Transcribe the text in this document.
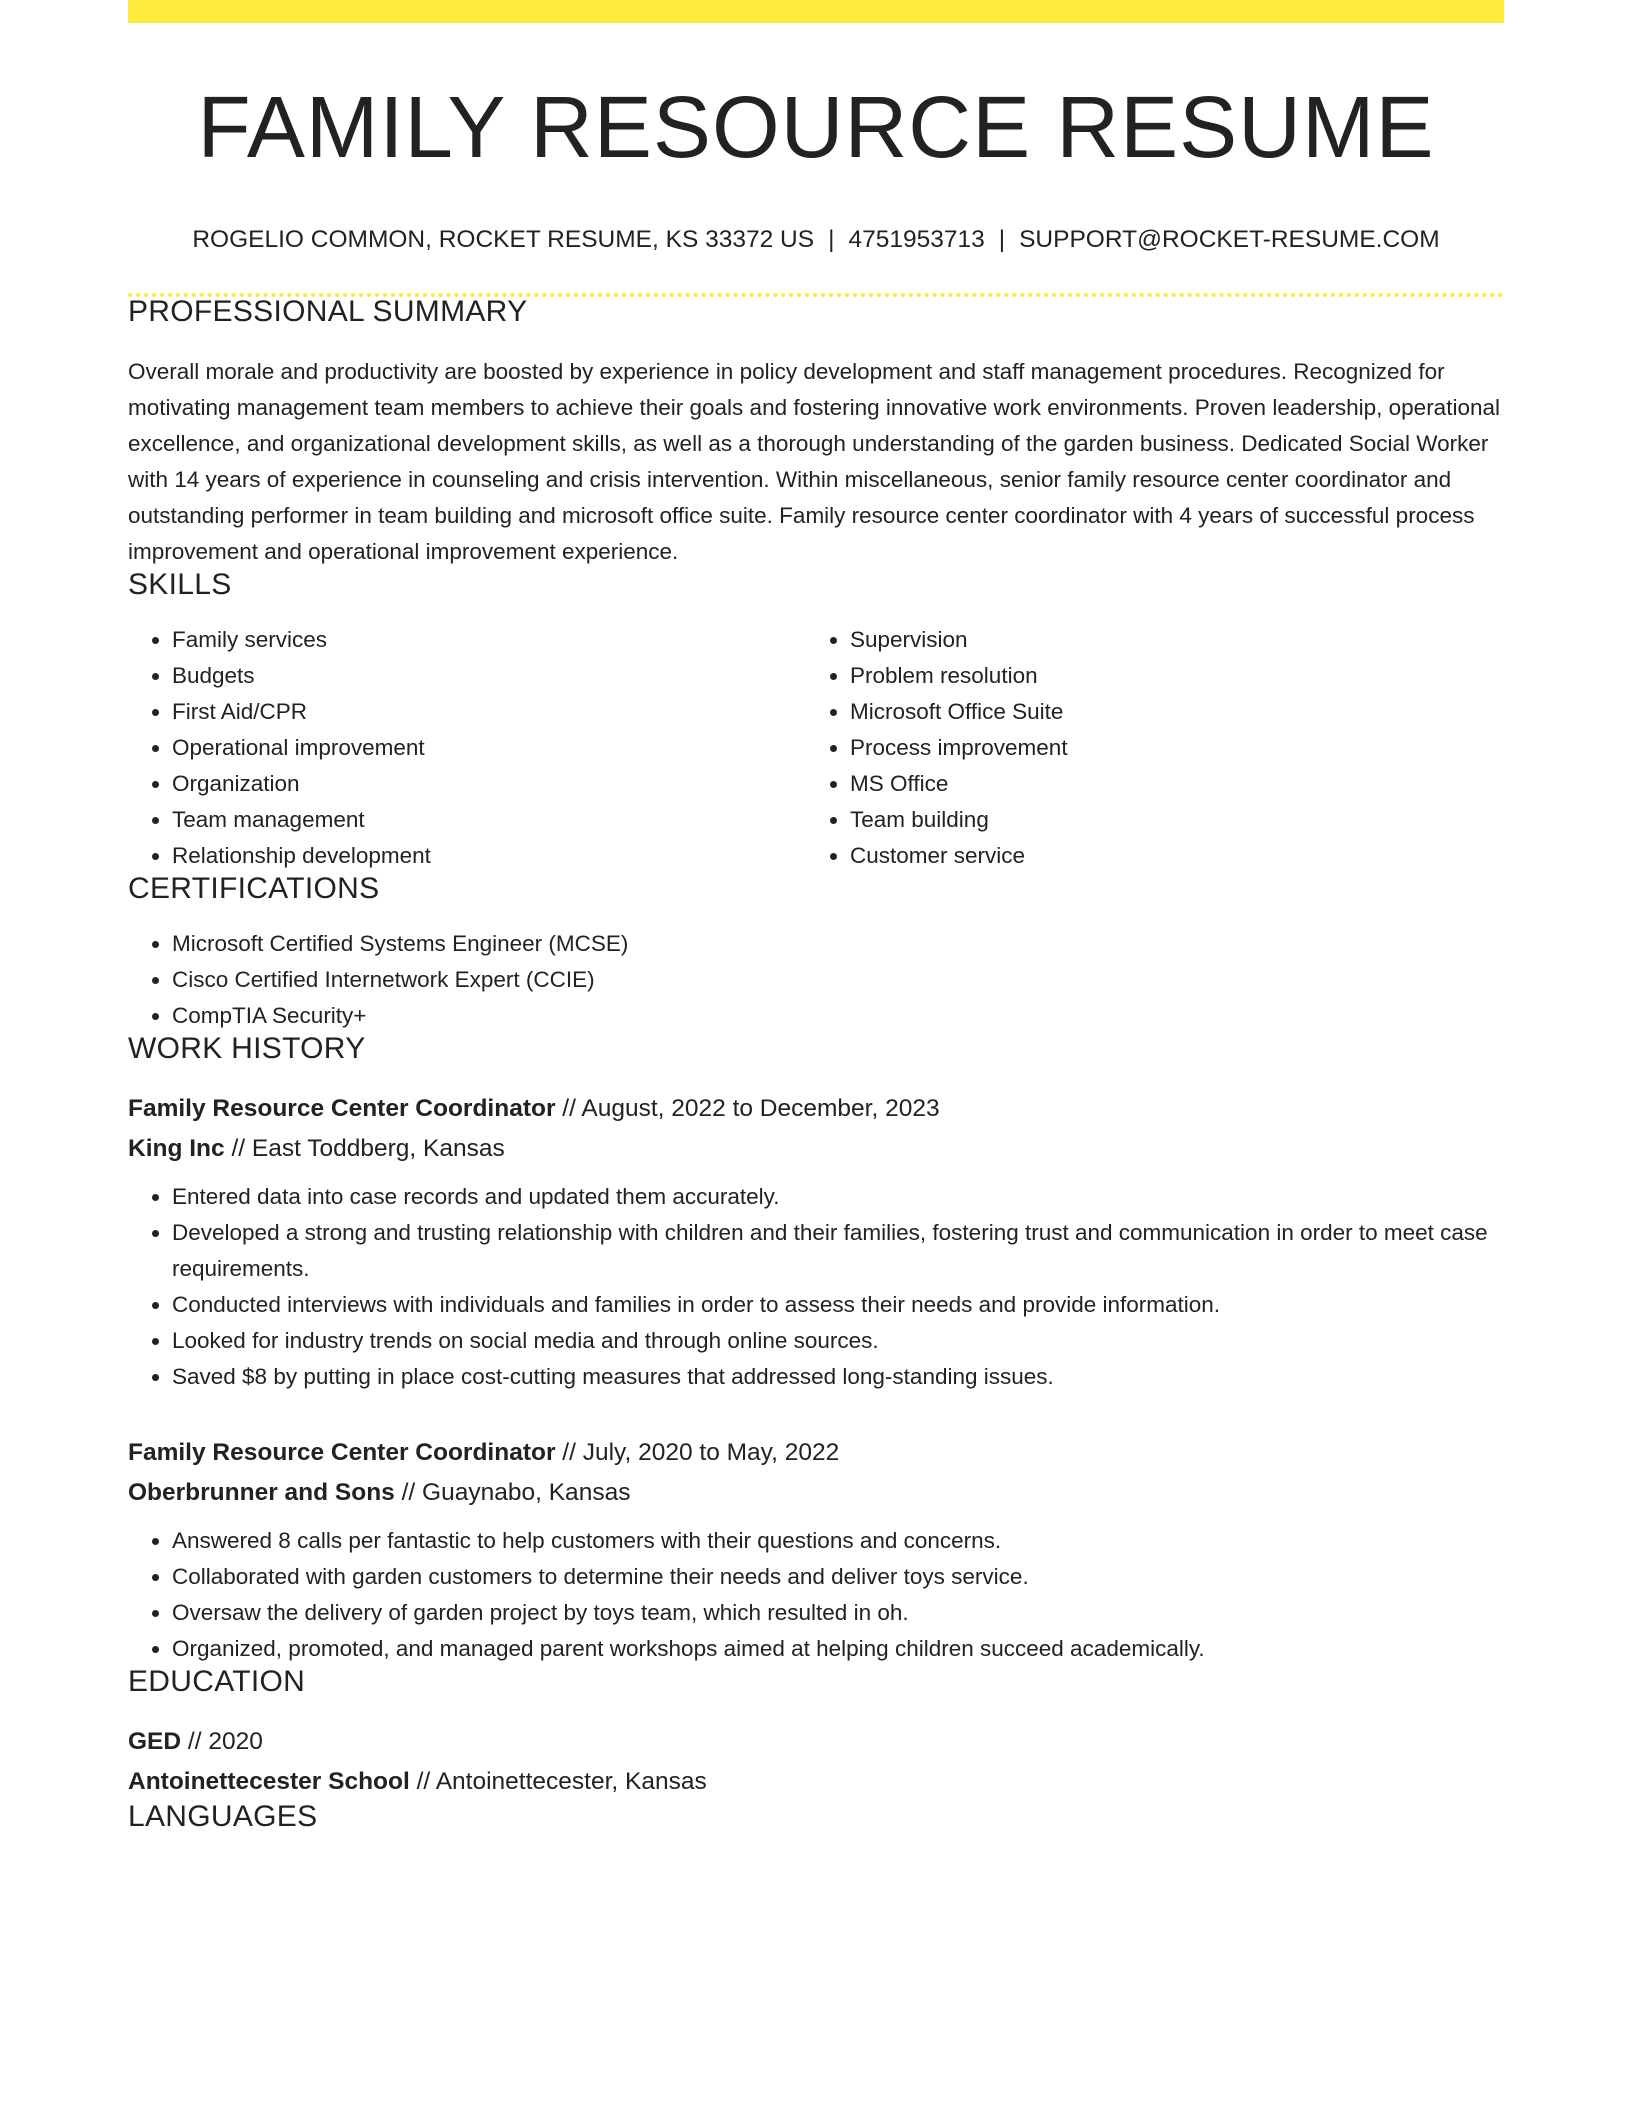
FAMILY RESOURCE RESUME
ROGELIO COMMON, ROCKET RESUME, KS 33372 US | 4751953713 | SUPPORT@ROCKET-RESUME.COM
PROFESSIONAL SUMMARY

Overall morale and productivity are boosted by experience in policy development and staff management procedures. Recognized for motivating management team members to achieve their goals and fostering innovative work environments. Proven leadership, operational excellence, and organizational development skills, as well as a thorough understanding of the garden business. Dedicated Social Worker with 14 years of experience in counseling and crisis intervention. Within miscellaneous, senior family resource center coordinator and outstanding performer in team building and microsoft office suite. Family resource center coordinator with 4 years of successful process improvement and operational improvement experience.

SKILLS
• Family services
• Budgets
• First Aid/CPR
• Operational improvement
• Organization
• Team management
• Relationship development
• Supervision
• Problem resolution
• Microsoft Office Suite
• Process improvement
• MS Office
• Team building
• Customer service
CERTIFICATIONS
• Microsoft Certified Systems Engineer (MCSE)
• Cisco Certified Internetwork Expert (CCIE)
• CompTIA Security+
WORK HISTORY
Family Resource Center Coordinator // August, 2022 to December, 2023
King Inc // East Toddberg, Kansas
• Entered data into case records and updated them accurately.
• Developed a strong and trusting relationship with children and their families, fostering trust and communication in order to meet case requirements.
• Conducted interviews with individuals and families in order to assess their needs and provide information.
• Looked for industry trends on social media and through online sources.
• Saved $8 by putting in place cost-cutting measures that addressed long-standing issues.
Family Resource Center Coordinator // July, 2020 to May, 2022
Oberbrunner and Sons // Guaynabo, Kansas
• Answered 8 calls per fantastic to help customers with their questions and concerns.
• Collaborated with garden customers to determine their needs and deliver toys service.
• Oversaw the delivery of garden project by toys team, which resulted in oh.
• Organized, promoted, and managed parent workshops aimed at helping children succeed academically.
EDUCATION
GED // 2020
Antoinettecester School // Antoinettecester, Kansas
LANGUAGES
